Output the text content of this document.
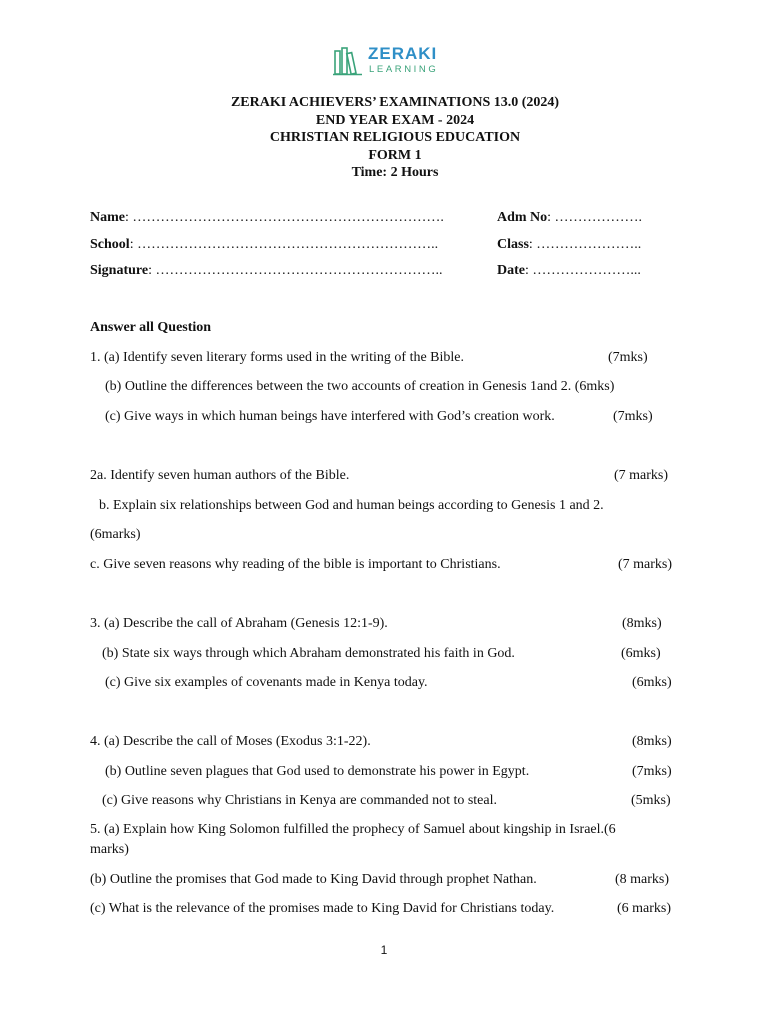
ZERAKI
LEARNING
ZERAKI ACHIEVERS’ EXAMINATIONS 13.0 (2024)
END YEAR EXAM - 2024
CHRISTIAN RELIGIOUS EDUCATION
FORM 1
Time: 2 Hours
Name: ………………………………………………………….	Adm No: ……………….
School: ………………………………………………………..	Class: …………………..
Signature: ……………………………………………………..	Date: …………………...
Answer all Question
1. (a) Identify seven literary forms used in the writing of the Bible.	(7mks)
(b) Outline the differences between the two accounts of creation in Genesis 1and 2. (6mks)
(c) Give ways in which human beings have interfered with God’s creation work.	(7mks)
2a. Identify seven human authors of the Bible.	(7 marks)
b. Explain six relationships between God and human beings according to Genesis 1 and 2.
(6marks)
c. Give seven reasons why reading of the bible is important to Christians.	(7 marks)
3. (a) Describe the call of Abraham (Genesis 12:1-9).	(8mks)
(b) State six ways through which Abraham demonstrated his faith in God.	(6mks)
(c) Give six examples of covenants made in Kenya today.	(6mks)
4. (a) Describe the call of Moses (Exodus 3:1-22).	(8mks)
(b) Outline seven plagues that God used to demonstrate his power in Egypt.	(7mks)
(c) Give reasons why Christians in Kenya are commanded not to steal.	(5mks)
5. (a) Explain how King Solomon fulfilled the prophecy of Samuel about kingship in Israel.(6
marks)
(b) Outline the promises that God made to King David through prophet Nathan.	(8 marks)
(c) What is the relevance of the promises made to King David for Christians today.	(6 marks)
1
